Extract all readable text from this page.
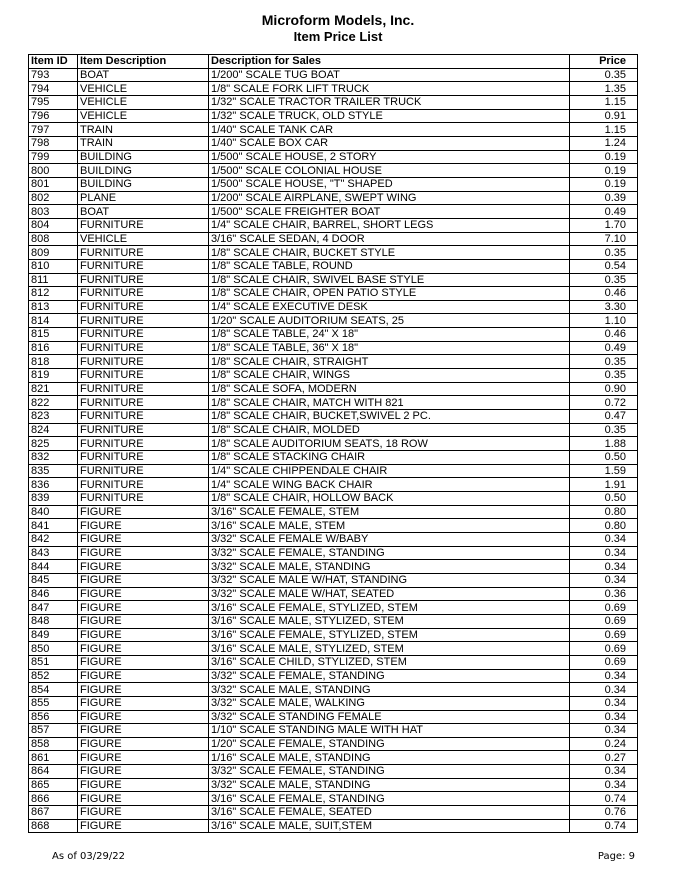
Microform Models, Inc.
Item Price List
Item ID	Item Description	Description for Sales	Price
793	BOAT	1/200" SCALE TUG BOAT	0.35
794	VEHICLE	1/8" SCALE FORK LIFT TRUCK	1.35
795	VEHICLE	1/32" SCALE TRACTOR TRAILER TRUCK	1.15
796	VEHICLE	1/32" SCALE TRUCK, OLD STYLE	0.91
797	TRAIN	1/40" SCALE TANK CAR	1.15
798	TRAIN	1/40" SCALE BOX CAR	1.24
799	BUILDING	1/500" SCALE HOUSE, 2 STORY	0.19
800	BUILDING	1/500" SCALE COLONIAL HOUSE	0.19
801	BUILDING	1/500" SCALE HOUSE, "T" SHAPED	0.19
802	PLANE	1/200" SCALE AIRPLANE, SWEPT WING	0.39
803	BOAT	1/500" SCALE FREIGHTER BOAT	0.49
804	FURNITURE	1/4" SCALE CHAIR, BARREL, SHORT LEGS	1.70
808	VEHICLE	3/16" SCALE SEDAN, 4 DOOR	7.10
809	FURNITURE	1/8" SCALE CHAIR, BUCKET STYLE	0.35
810	FURNITURE	1/8" SCALE TABLE, ROUND	0.54
811	FURNITURE	1/8" SCALE CHAIR, SWIVEL BASE STYLE	0.35
812	FURNITURE	1/8" SCALE CHAIR, OPEN PATIO STYLE	0.46
813	FURNITURE	1/4" SCALE EXECUTIVE DESK	3.30
814	FURNITURE	1/20" SCALE AUDITORIUM SEATS, 25	1.10
815	FURNITURE	1/8" SCALE TABLE, 24" X 18"	0.46
816	FURNITURE	1/8" SCALE TABLE, 36" X 18"	0.49
818	FURNITURE	1/8" SCALE CHAIR, STRAIGHT	0.35
819	FURNITURE	1/8" SCALE CHAIR, WINGS	0.35
821	FURNITURE	1/8" SCALE SOFA, MODERN	0.90
822	FURNITURE	1/8" SCALE CHAIR, MATCH WITH 821	0.72
823	FURNITURE	1/8" SCALE CHAIR, BUCKET,SWIVEL 2 PC.	0.47
824	FURNITURE	1/8" SCALE CHAIR, MOLDED	0.35
825	FURNITURE	1/8" SCALE AUDITORIUM SEATS, 18 ROW	1.88
832	FURNITURE	1/8" SCALE STACKING CHAIR	0.50
835	FURNITURE	1/4" SCALE CHIPPENDALE CHAIR	1.59
836	FURNITURE	1/4" SCALE WING BACK CHAIR	1.91
839	FURNITURE	1/8" SCALE CHAIR, HOLLOW BACK	0.50
840	FIGURE	3/16" SCALE FEMALE, STEM	0.80
841	FIGURE	3/16" SCALE MALE, STEM	0.80
842	FIGURE	3/32" SCALE FEMALE W/BABY	0.34
843	FIGURE	3/32" SCALE FEMALE, STANDING	0.34
844	FIGURE	3/32" SCALE MALE, STANDING	0.34
845	FIGURE	3/32" SCALE MALE W/HAT, STANDING	0.34
846	FIGURE	3/32" SCALE MALE W/HAT, SEATED	0.36
847	FIGURE	3/16" SCALE FEMALE, STYLIZED, STEM	0.69
848	FIGURE	3/16" SCALE MALE, STYLIZED, STEM	0.69
849	FIGURE	3/16" SCALE FEMALE, STYLIZED, STEM	0.69
850	FIGURE	3/16" SCALE MALE, STYLIZED, STEM	0.69
851	FIGURE	3/16" SCALE CHILD, STYLIZED, STEM	0.69
852	FIGURE	3/32" SCALE FEMALE, STANDING	0.34
854	FIGURE	3/32" SCALE MALE, STANDING	0.34
855	FIGURE	3/32" SCALE MALE, WALKING	0.34
856	FIGURE	3/32" SCALE STANDING FEMALE	0.34
857	FIGURE	1/10" SCALE STANDING MALE WITH HAT	0.34
858	FIGURE	1/20" SCALE FEMALE, STANDING	0.24
861	FIGURE	1/16" SCALE MALE, STANDING	0.27
864	FIGURE	3/32" SCALE FEMALE, STANDING	0.34
865	FIGURE	3/32" SCALE MALE, STANDING	0.34
866	FIGURE	3/16" SCALE FEMALE, STANDING	0.74
867	FIGURE	3/16" SCALE FEMALE, SEATED	0.76
868	FIGURE	3/16" SCALE MALE, SUIT,STEM	0.74
As of 03/29/22	Page: 9
